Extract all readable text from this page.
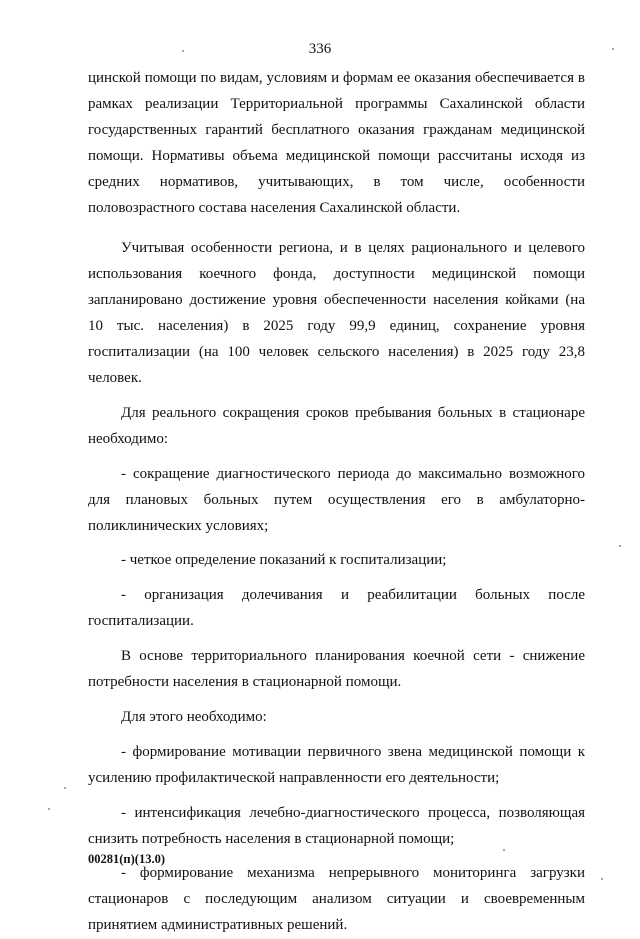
336

цинской помощи по видам, условиям и формам ее оказания обеспечивается в рамках реализации Территориальной программы Сахалинской области государственных гарантий бесплатного оказания гражданам медицинской помощи. Нормативы объема медицинской помощи рассчитаны исходя из средних нормативов, учитывающих, в том числе, особенности половозрастного состава населения Сахалинской области.

Учитывая особенности региона, и в целях рационального и целевого использования коечного фонда, доступности медицинской помощи запланировано достижение уровня обеспеченности населения койками (на 10 тыс. населения) в 2025 году 99,9 единиц, сохранение уровня госпитализации (на 100 человек сельского населения) в 2025 году 23,8 человек.

Для реального сокращения сроков пребывания больных в стационаре необходимо:

- сокращение диагностического периода до максимально возможного для плановых больных путем осуществления его в амбулаторно-поликлинических условиях;

- четкое определение показаний к госпитализации;

- организация долечивания и реабилитации больных после госпитализации.

В основе территориального планирования коечной сети - снижение потребности населения в стационарной помощи.

Для этого необходимо:

- формирование мотивации первичного звена медицинской помощи к усилению профилактической направленности его деятельности;

- интенсификация лечебно-диагностического процесса, позволяющая снизить потребность населения в стационарной помощи;

- формирование механизма непрерывного мониторинга загрузки стационаров с последующим анализом ситуации и своевременным принятием административных решений.

00281(п)(13.0)
